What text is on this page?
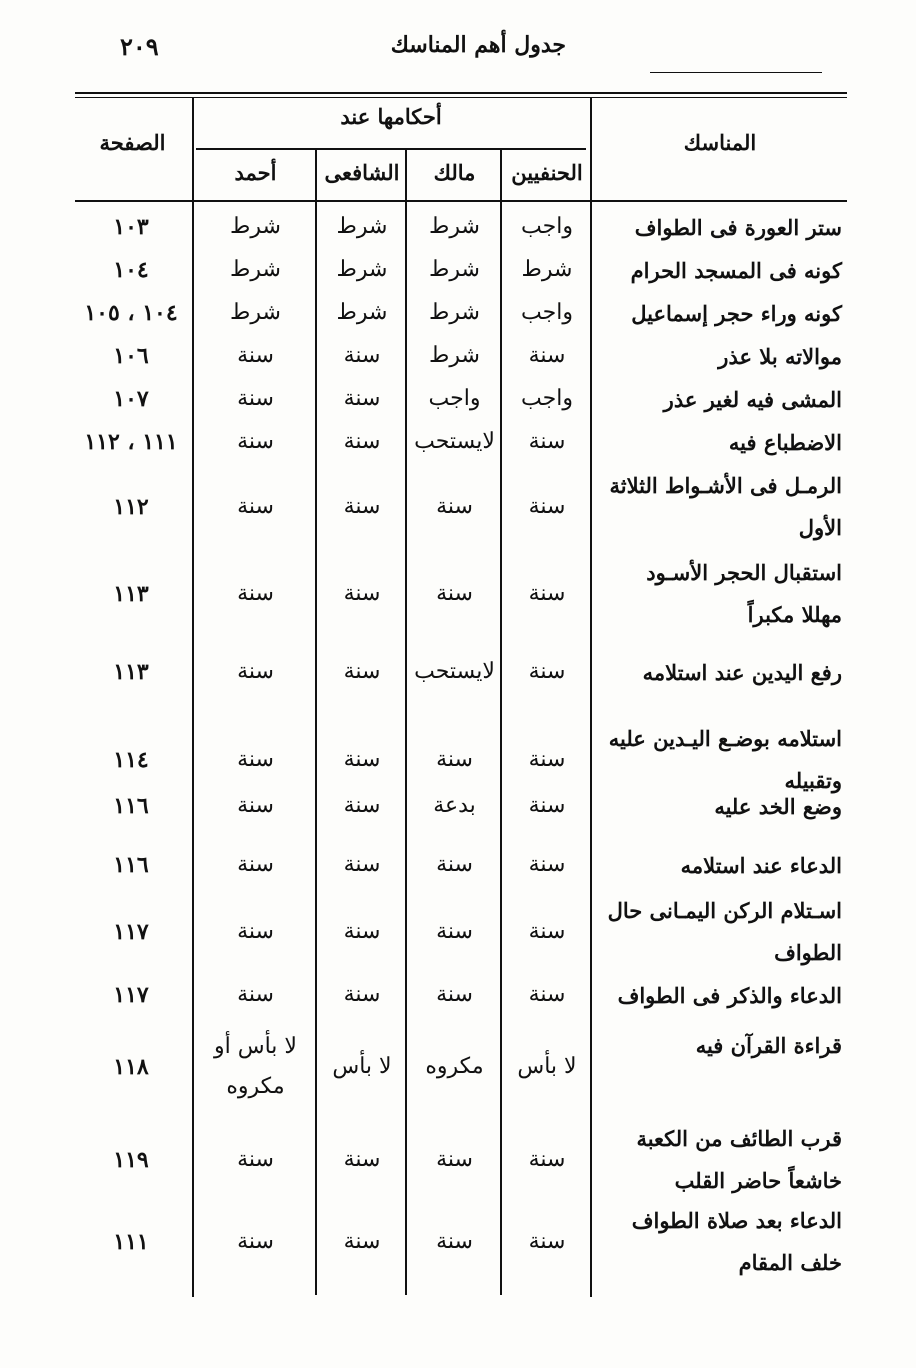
٢٠٩	جدول أهم المناسك
المناسك
أحكامها عند
الحنفيين
مالك
الشافعى
أحمد
الصفحة
ستر العورة فى الطواف
واجب
شرط
شرط
شرط
١٠٣
كونه فى المسجد الحرام
شرط
شرط
شرط
شرط
١٠٤
كونه وراء حجر إسماعيل
واجب
شرط
شرط
شرط
١٠٤ ، ١٠٥
موالاته بلا عذر
سنة
شرط
سنة
سنة
١٠٦
المشى فيه لغير عذر
واجب
واجب
سنة
سنة
١٠٧
الاضطباع فيه
سنة
لايستحب
سنة
سنة
١١١ ، ١١٢
الرمـل فى الأشـواط الثلاثة الأول
سنة
سنة
سنة
سنة
١١٢
استقبال الحجر الأسـود مهللا مكبراً
سنة
سنة
سنة
سنة
١١٣
رفع اليدين عند استلامه
سنة
لايستحب
سنة
سنة
١١٣
استلامه بوضـع اليـدين عليه وتقبيله
سنة
سنة
سنة
سنة
١١٤
وضع الخد عليه
سنة
بدعة
سنة
سنة
١١٦
الدعاء عند استلامه
سنة
سنة
سنة
سنة
١١٦
اسـتلام الركن اليمـانى حال الطواف
سنة
سنة
سنة
سنة
١١٧
الدعاء والذكر فى الطواف
سنة
سنة
سنة
سنة
١١٧
قراءة القرآن فيه
لا بأس
مكروه
لا بأس
لا بأس أو مكروه
١١٨
قرب الطائف من الكعبة خاشعاً حاضر القلب
سنة
سنة
سنة
سنة
١١٩
الدعاء بعد صلاة الطواف خلف المقام
سنة
سنة
سنة
سنة
١١١
